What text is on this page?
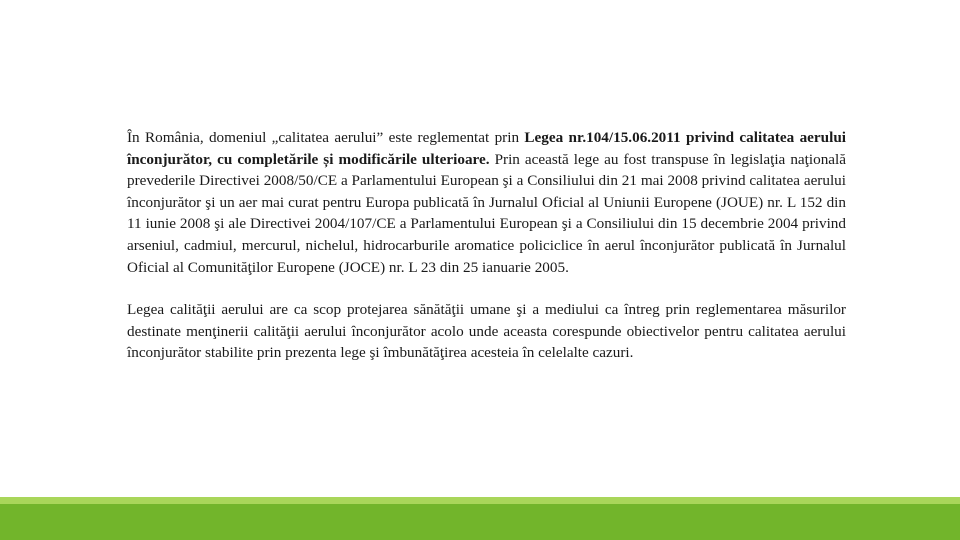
În România, domeniul „calitatea aerului” este reglementat prin Legea nr.104/15.06.2011 privind calitatea aerului înconjurător, cu completările și modificările ulterioare. Prin această lege au fost transpuse în legislaţia naţională prevederile Directivei 2008/50/CE a Parlamentului European şi a Consiliului din 21 mai 2008 privind calitatea aerului înconjurător şi un aer mai curat pentru Europa publicată în Jurnalul Oficial al Uniunii Europene (JOUE) nr. L 152 din 11 iunie 2008 şi ale Directivei 2004/107/CE a Parlamentului European şi a Consiliului din 15 decembrie 2004 privind arseniul, cadmiul, mercurul, nichelul, hidrocarburile aromatice policiclice în aerul înconjurător publicată în Jurnalul Oficial al Comunităţilor Europene (JOCE) nr. L 23 din 25 ianuarie 2005.

Legea calităţii aerului are ca scop protejarea sănătăţii umane şi a mediului ca întreg prin reglementarea măsurilor destinate menţinerii calităţii aerului înconjurător acolo unde aceasta corespunde obiectivelor pentru calitatea aerului înconjurător stabilite prin prezenta lege şi îmbunătăţirea acesteia în celelalte cazuri.
